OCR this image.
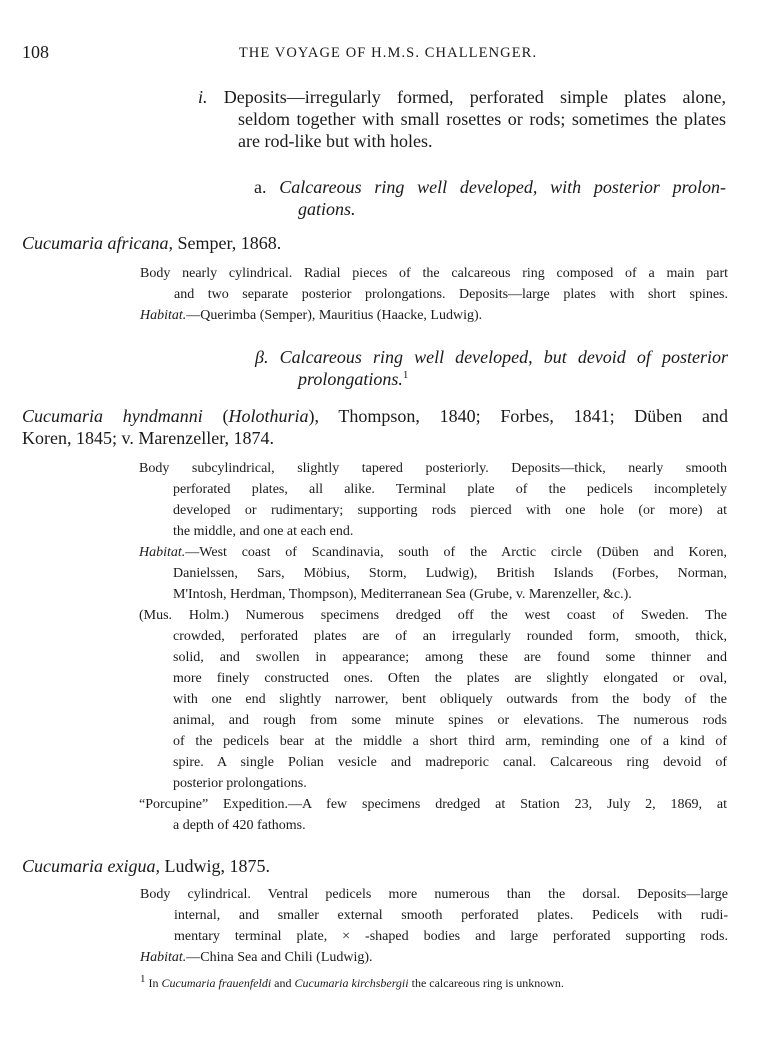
108	THE VOYAGE OF H.M.S. CHALLENGER.
i. Deposits—irregularly formed, perforated simple plates alone,
seldom together with small rosettes or rods; sometimes the plates
are rod-like but with holes.
a. Calcareous ring well developed, with posterior prolon-
gations.
Cucumaria africana, Semper, 1868.
Body nearly cylindrical. Radial pieces of the calcareous ring composed of a main part
and two separate posterior prolongations. Deposits—large plates with short spines.
Habitat.—Querimba (Semper), Mauritius (Haacke, Ludwig).
β. Calcareous ring well developed, but devoid of posterior
prolongations.$^1$
Cucumaria hyndmanni (Holothuria), Thompson, 1840; Forbes, 1841; Düben and
Koren, 1845; v. Marenzeller, 1874.
Body subcylindrical, slightly tapered posteriorly. Deposits—thick, nearly smooth
perforated plates, all alike. Terminal plate of the pedicels incompletely
developed or rudimentary; supporting rods pierced with one hole (or more) at
the middle, and one at each end.
Habitat.—West coast of Scandinavia, south of the Arctic circle (Düben and Koren,
Danielssen, Sars, Möbius, Storm, Ludwig), British Islands (Forbes, Norman,
M'Intosh, Herdman, Thompson), Mediterranean Sea (Grube, v. Marenzeller, &c.).
(Mus. Holm.) Numerous specimens dredged off the west coast of Sweden. The
crowded, perforated plates are of an irregularly rounded form, smooth, thick,
solid, and swollen in appearance; among these are found some thinner and
more finely constructed ones. Often the plates are slightly elongated or oval,
with one end slightly narrower, bent obliquely outwards from the body of the
animal, and rough from some minute spines or elevations. The numerous rods
of the pedicels bear at the middle a short third arm, reminding one of a kind of
spire. A single Polian vesicle and madreporic canal. Calcareous ring devoid of
posterior prolongations.
“Porcupine” Expedition.—A few specimens dredged at Station 23, July 2, 1869, at
a depth of 420 fathoms.
Cucumaria exigua, Ludwig, 1875.
Body cylindrical. Ventral pedicels more numerous than the dorsal. Deposits—large
internal, and smaller external smooth perforated plates. Pedicels with rudi-
mentary terminal plate, × -shaped bodies and large perforated supporting rods.
Habitat.—China Sea and Chili (Ludwig).
$^1$ In Cucumaria frauenfeldi and Cucumaria kirchsbergii the calcareous ring is unknown.
